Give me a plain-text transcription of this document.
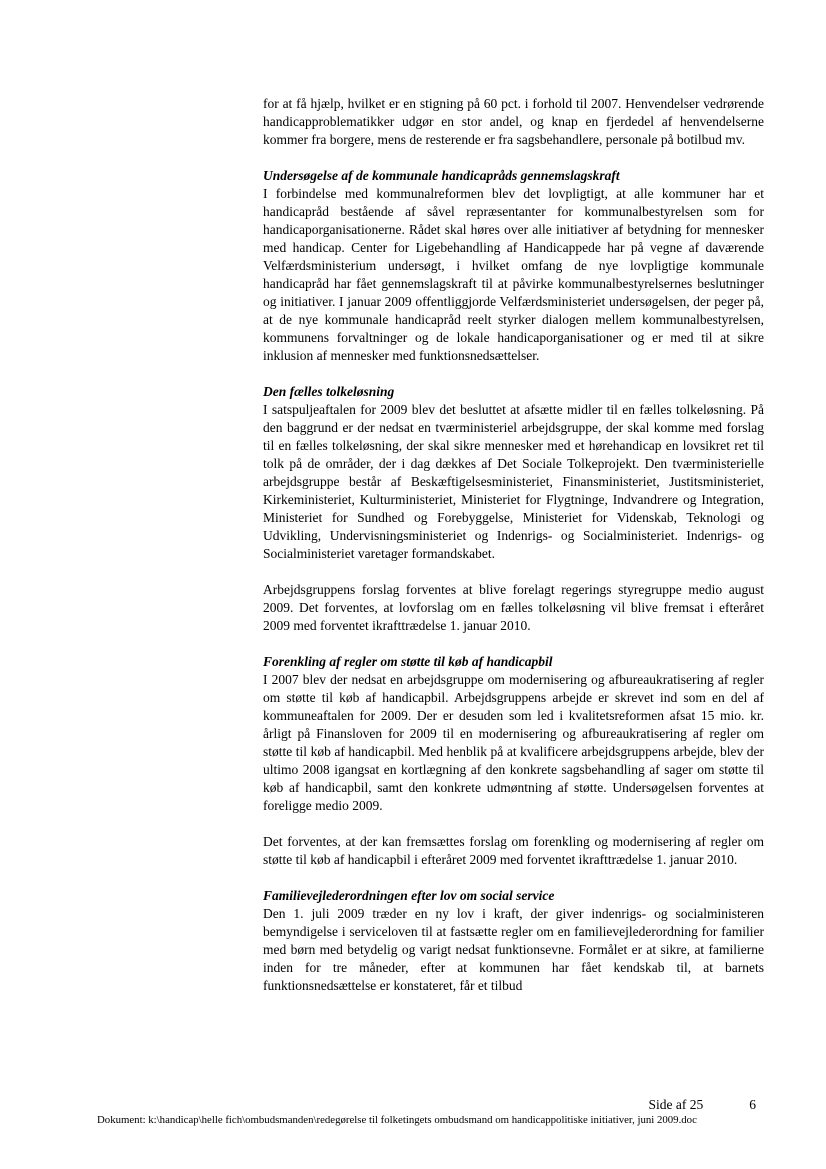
for at få hjælp, hvilket er en stigning på 60 pct. i forhold til 2007. Henvendelser vedrørende handicapproblematikker udgør en stor andel, og knap en fjerdedel af henvendelserne kommer fra borgere, mens de resterende er fra sagsbehandlere, personale på botilbud mv.

Undersøgelse af de kommunale handicapråds gennemslagskraft

I forbindelse med kommunalreformen blev det lovpligtigt, at alle kommuner har et handicapråd bestående af såvel repræsentanter for kommunalbestyrelsen som for handicaporganisationerne. Rådet skal høres over alle initiativer af betydning for mennesker med handicap. Center for Ligebehandling af Handicappede har på vegne af daværende Velfærdsministerium undersøgt, i hvilket omfang de nye lovpligtige kommunale handicapråd har fået gennemslagskraft til at påvirke kommunalbestyrelsernes beslutninger og initiativer. I januar 2009 offentliggjorde Velfærdsministeriet undersøgelsen, der peger på, at de nye kommunale handicapråd reelt styrker dialogen mellem kommunalbestyrelsen, kommunens forvaltninger og de lokale handicaporganisationer og er med til at sikre inklusion af mennesker med funktionsnedsættelser.

Den fælles tolkeløsning

I satspuljeaftalen for 2009 blev det besluttet at afsætte midler til en fælles tolkeløsning. På den baggrund er der nedsat en tværministeriel arbejdsgruppe, der skal komme med forslag til en fælles tolkeløsning, der skal sikre mennesker med et hørehandicap en lovsikret ret til tolk på de områder, der i dag dækkes af Det Sociale Tolkeprojekt. Den tværministerielle arbejdsgruppe består af Beskæftigelsesministeriet, Finansministeriet, Justitsministeriet, Kirkeministeriet, Kulturministeriet, Ministeriet for Flygtninge, Indvandrere og Integration, Ministeriet for Sundhed og Forebyggelse, Ministeriet for Videnskab, Teknologi og Udvikling, Undervisningsministeriet og Indenrigs- og Socialministeriet. Indenrigs- og Socialministeriet varetager formandskabet.

Arbejdsgruppens forslag forventes at blive forelagt regerings styregruppe medio august 2009. Det forventes, at lovforslag om en fælles tolkeløsning vil blive fremsat i efteråret 2009 med forventet ikrafttrædelse 1. januar 2010.

Forenkling af regler om støtte til køb af handicapbil

I 2007 blev der nedsat en arbejdsgruppe om modernisering og afbureaukratisering af regler om støtte til køb af handicapbil. Arbejdsgruppens arbejde er skrevet ind som en del af kommuneaftalen for 2009. Der er desuden som led i kvalitetsreformen afsat 15 mio. kr. årligt på Finansloven for 2009 til en modernisering og afbureaukratisering af regler om støtte til køb af handicapbil. Med henblik på at kvalificere arbejdsgruppens arbejde, blev der ultimo 2008 igangsat en kortlægning af den konkrete sagsbehandling af sager om støtte til køb af handicapbil, samt den konkrete udmøntning af støtte. Undersøgelsen forventes at foreligge medio 2009.

Det forventes, at der kan fremsættes forslag om forenkling og modernisering af regler om støtte til køb af handicapbil i efteråret 2009 med forventet ikrafttrædelse 1. januar 2010.

Familievejlederordningen efter lov om social service

Den 1. juli 2009 træder en ny lov i kraft, der giver indenrigs- og socialministeren bemyndigelse i serviceloven til at fastsætte regler om en familievejlederordning for familier med børn med betydelig og varigt nedsat funktionsevne. Formålet er at sikre, at familierne inden for tre måneder, efter at kommunen har fået kendskab til, at barnets funktionsnedsættelse er konstateret, får et tilbud

Side af 25	6
Dokument: k:\handicap\helle fich\ombudsmanden\redegørelse til folketingets ombudsmand om handicappolitiske initiativer, juni 2009.doc
